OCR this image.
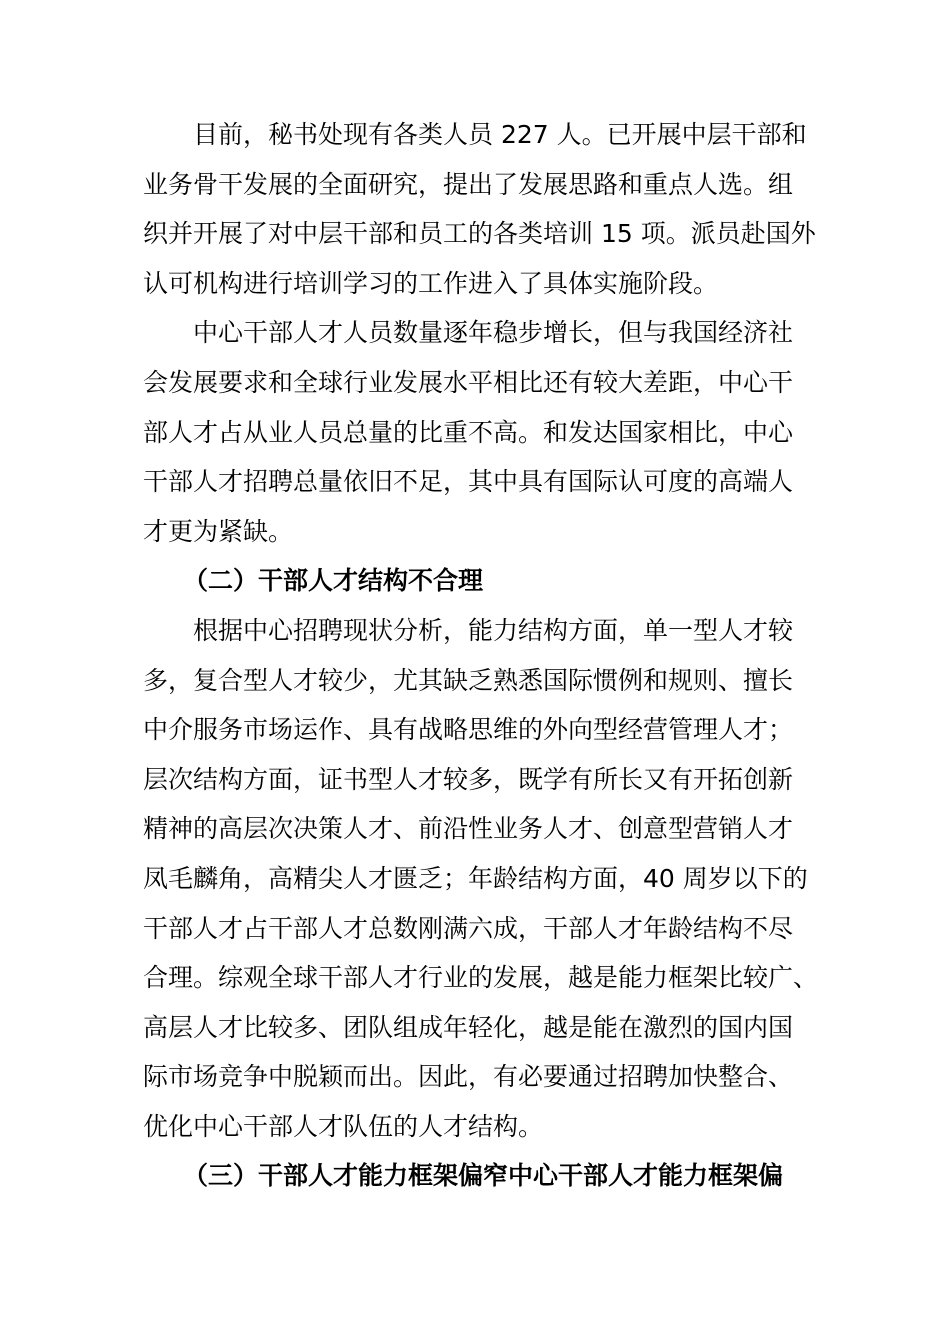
目前，秘书处现有各类人员 227 人。已开展中层干部和
业务骨干发展的全面研究，提出了发展思路和重点人选。组
织并开展了对中层干部和员工的各类培训 15 项。派员赴国外
认可机构进行培训学习的工作进入了具体实施阶段。
中心干部人才人员数量逐年稳步增长，但与我国经济社
会发展要求和全球行业发展水平相比还有较大差距，中心干
部人才占从业人员总量的比重不高。和发达国家相比，中心
干部人才招聘总量依旧不足，其中具有国际认可度的高端人
才更为紧缺。
（二）干部人才结构不合理
根据中心招聘现状分析，能力结构方面，单一型人才较
多，复合型人才较少，尤其缺乏熟悉国际惯例和规则、擅长
中介服务市场运作、具有战略思维的外向型经营管理人才；
层次结构方面，证书型人才较多，既学有所长又有开拓创新
精神的高层次决策人才、前沿性业务人才、创意型营销人才
凤毛麟角，高精尖人才匮乏；年龄结构方面，40 周岁以下的
干部人才占干部人才总数刚满六成，干部人才年龄结构不尽
合理。综观全球干部人才行业的发展，越是能力框架比较广、
高层人才比较多、团队组成年轻化，越是能在激烈的国内国
际市场竞争中脱颖而出。因此，有必要通过招聘加快整合、
优化中心干部人才队伍的人才结构。
（三）干部人才能力框架偏窄中心干部人才能力框架偏
